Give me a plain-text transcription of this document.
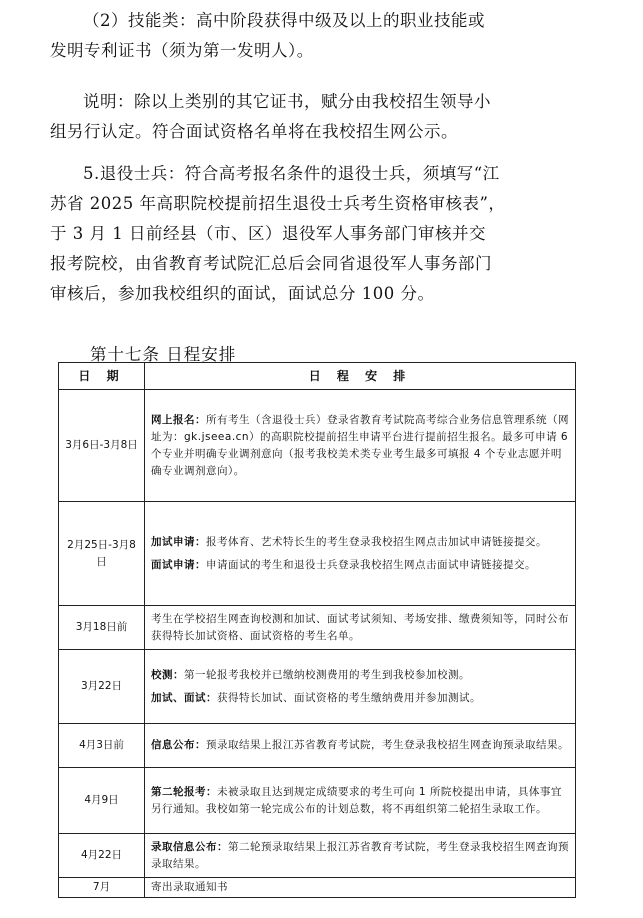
（2）技能类：高中阶段获得中级及以上的职业技能或
发明专利证书（须为第一发明人）。
说明：除以上类别的其它证书，赋分由我校招生领导小
组另行认定。符合面试资格名单将在我校招生网公示。
5.退役士兵：符合高考报名条件的退役士兵，须填写“江
苏省 2025 年高职院校提前招生退役士兵考生资格审核表”，
于 3 月 1 日前经县（市、区）退役军人事务部门审核并交
报考院校，由省教育考试院汇总后会同省退役军人事务部门
审核后，参加我校组织的面试，面试总分 100 分。
第十七条 日程安排
日 期	日 程 安 排
3月6日-3月8日	网上报名：所有考生（含退役士兵）登录省教育考试院高考综合业务信息管理系统（网址为：gk.jseea.cn）的高职院校提前招生申请平台进行提前招生报名。最多可申请 6 个专业并明确专业调剂意向（报考我校美术类专业考生最多可填报 4 个专业志愿并明确专业调剂意向）。
2月25日-3月8日	加试申请：报考体育、艺术特长生的考生登录我校招生网点击加试申请链接提交。
面试申请：申请面试的考生和退役士兵登录我校招生网点击面试申请链接提交。

3月18日前	考生在学校招生网查询校测和加试、面试考试须知、考场安排、缴费须知等，同时公布获得特长加试资格、面试资格的考生名单。
3月22日	校测：第一轮报考我校并已缴纳校测费用的考生到我校参加校测。
加试、面试：获得特长加试、面试资格的考生缴纳费用并参加测试。

4月3日前	信息公布：预录取结果上报江苏省教育考试院，考生登录我校招生网查询预录取结果。
4月9日	第二轮报考：未被录取且达到规定成绩要求的考生可向 1 所院校提出申请，具体事宜另行通知。我校如第一轮完成公布的计划总数，将不再组织第二轮招生录取工作。
4月22日	录取信息公布：第二轮预录取结果上报江苏省教育考试院，考生登录我校招生网查询预录取结果。
7月	寄出录取通知书
